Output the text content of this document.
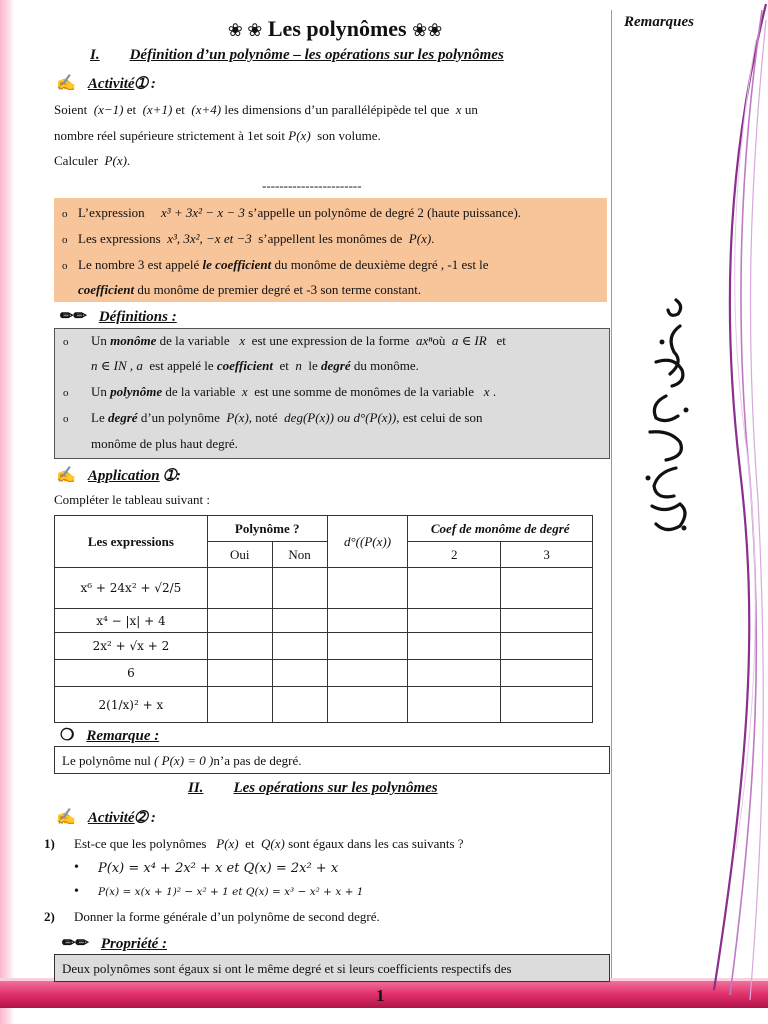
1
Remarques
❀ ❀ Les polynômes ❀❀
I. Définition d’un polynôme – les opérations sur les polynômes
✍ Activité➀ :
Soient (x−1) et (x+1) et (x+4) les dimensions d’un parallélépipède tel que x un
nombre réel supérieure strictement à 1et soit P(x) son volume.
Calculer P(x).
-----------------------
o L’expression x³ + 3x² − x − 3 s’appelle un polynôme de degré 2 (haute puissance).
o Les expressions x³, 3x², −x et −3 s’appellent les monômes de P(x).
o Le nombre 3 est appelé le coefficient du monôme de deuxième degré , -1 est le
coefficient du monôme de premier degré et -3 son terme constant.
✏✏ Définitions :
o Un monôme de la variable x est une expression de la forme axⁿoù a ∈ IR et
n ∈ IN , a est appelé le coefficient et n le degré du monôme.
o Un polynôme de la variable x est une somme de monômes de la variable x .
o Le degré d’un polynôme P(x), noté deg(P(x)) ou d°(P(x)), est celui de son
monôme de plus haut degré.
✍ Application ➀:
Compléter le tableau suivant :
Les expressions	Polynôme ?		d°((P(x))	Coef de monôme de degré	
	Oui	Non		2	3
x⁶ + 24x² + √2/5					
x⁴ − |x| + 4					
2x² + √x + 2					
6					
2(1/x)² + x					
❍ Remarque :
Le polynôme nul ( P(x) = 0 )n’a pas de degré.
II. Les opérations sur les polynômes
✍ Activité➁ :
1) Est-ce que les polynômes P(x) et Q(x) sont égaux dans les cas suivants ?
• P(x) = x⁴ + 2x² + x et Q(x) = 2x² + x
• P(x) = x(x + 1)² − x² + 1 et Q(x) = x³ − x² + x + 1
2) Donner la forme générale d’un polynôme de second degré.
✏✏ Propriété :
Deux polynômes sont égaux si ont le même degré et si leurs coefficients respectifs des
